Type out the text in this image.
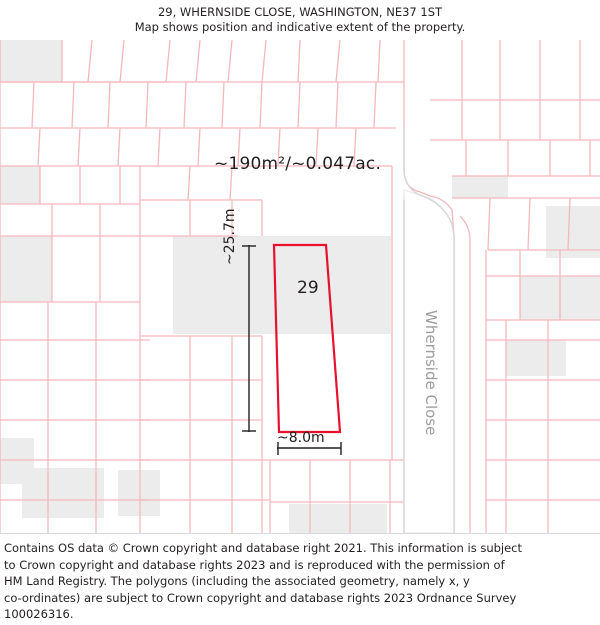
29, WHERNSIDE CLOSE, WASHINGTON, NE37 1ST
Map shows position and indicative extent of the property.
~190m²/~0.047ac.
29
~25.7m
~8.0m
Whernside Close

Contains OS data © Crown copyright and database right 2021. This information is subject

to Crown copyright and database rights 2023 and is reproduced with the permission of

HM Land Registry. The polygons (including the associated geometry, namely x, y

co-ordinates) are subject to Crown copyright and database rights 2023 Ordnance Survey

100026316.
